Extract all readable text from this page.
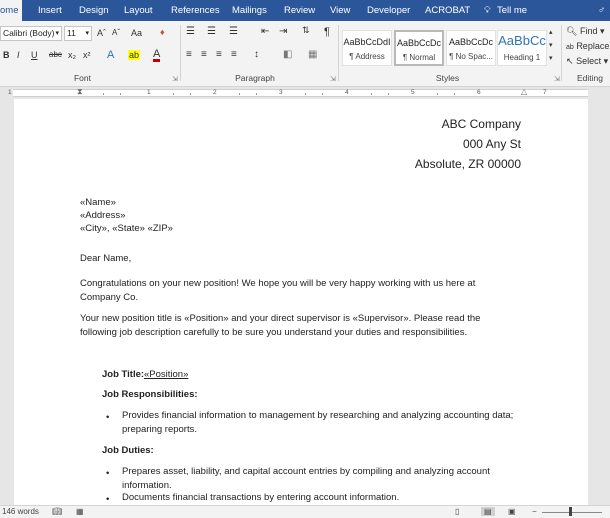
ome	Insert Design Layout References Mailings Review View Developer ACROBAT 💡︎ Tell me	♂
Calibri (Body) ▾ 11 ▾ Aˆ Aˇ Aa ♦
B I U abc x₂ x² A ab A
Font	⇲
☰ ☰ ☰ ⇤ ⇥ ⇅ ¶
≡ ≡ ≡ ≡ ↕ ◧ ▦
Paragraph	⇲
AaBbCcDdI
¶ Address
AaBbCcDc
¶ Normal
AaBbCcDc
¶ No Spac...
AaBbCc
Heading 1
▴
▾
▾
Styles	⇲
🔍︎ Find ▾
ab Replace
↖ Select ▾
Editing
1	⧗	1	2	3	4	5	6	△ 7
ABC Company
000 Any St
Absolute, ZR 00000
«Name»
«Address»
«City», «State» «ZIP»
Dear Name,
Congratulations on your new position! We hope you will be very happy working with us here at
Company Co.
Your new position title is «Position» and your direct supervisor is «Supervisor». Please read the
following job description carefully to be sure you understand your duties and responsibilities.
Job Title: «Position»
Job Responsibilities:
• Provides financial information to management by researching and analyzing accounting data;
preparing reports.
Job Duties:
• Prepares asset, liability, and capital account entries by compiling and analyzing account
information.
• Documents financial transactions by entering account information.
146 words 📖︎ ▦	▯	▤	▣ −
